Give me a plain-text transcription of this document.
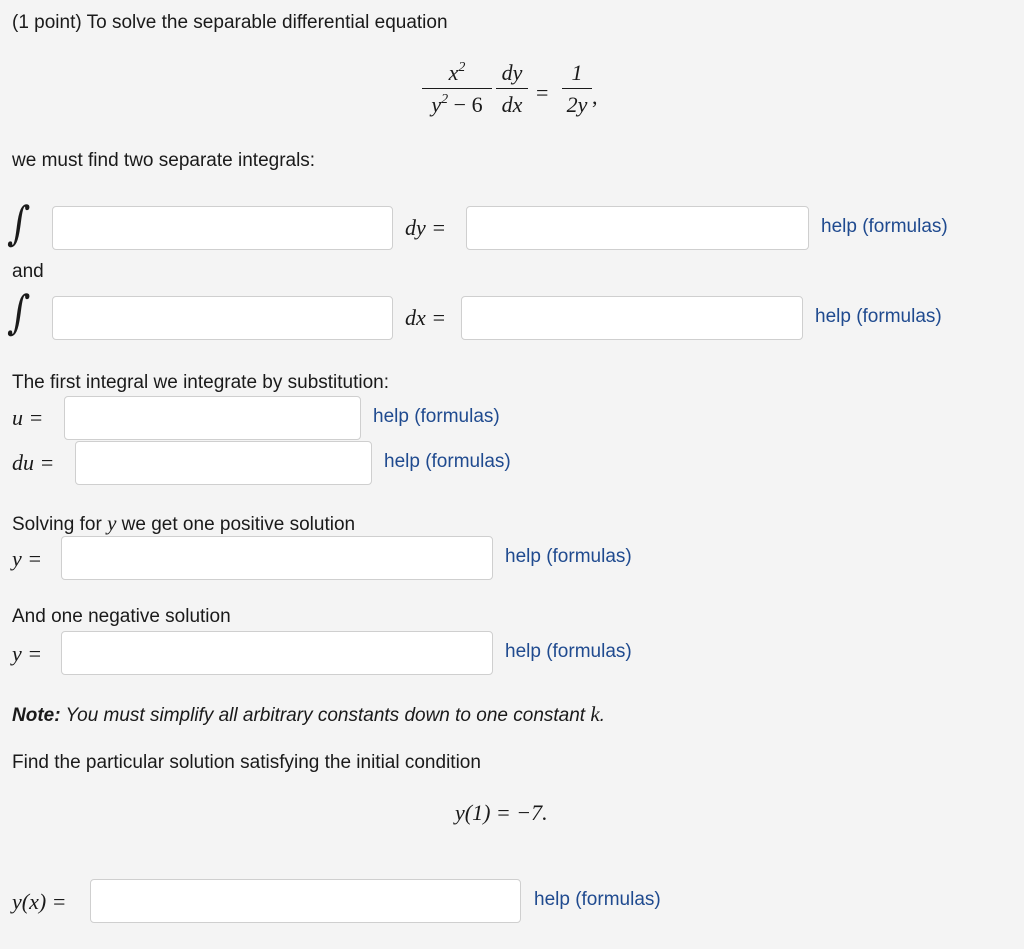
(1 point) To solve the separable differential equation
$x^2$
$y^2 - 6$
dy
dx =
1
2y ,
we must find two separate integrals:
∫	dy =	help (formulas)
and
∫	dx =	help (formulas)
The first integral we integrate by substitution:
u =	help (formulas)
du =	help (formulas)
Solving for y we get one positive solution
y =	help (formulas)
And one negative solution
y =	help (formulas)
Note: You must simplify all arbitrary constants down to one constant k.
Find the particular solution satisfying the initial condition
y(1) = −7.
y(x) =	help (formulas)
